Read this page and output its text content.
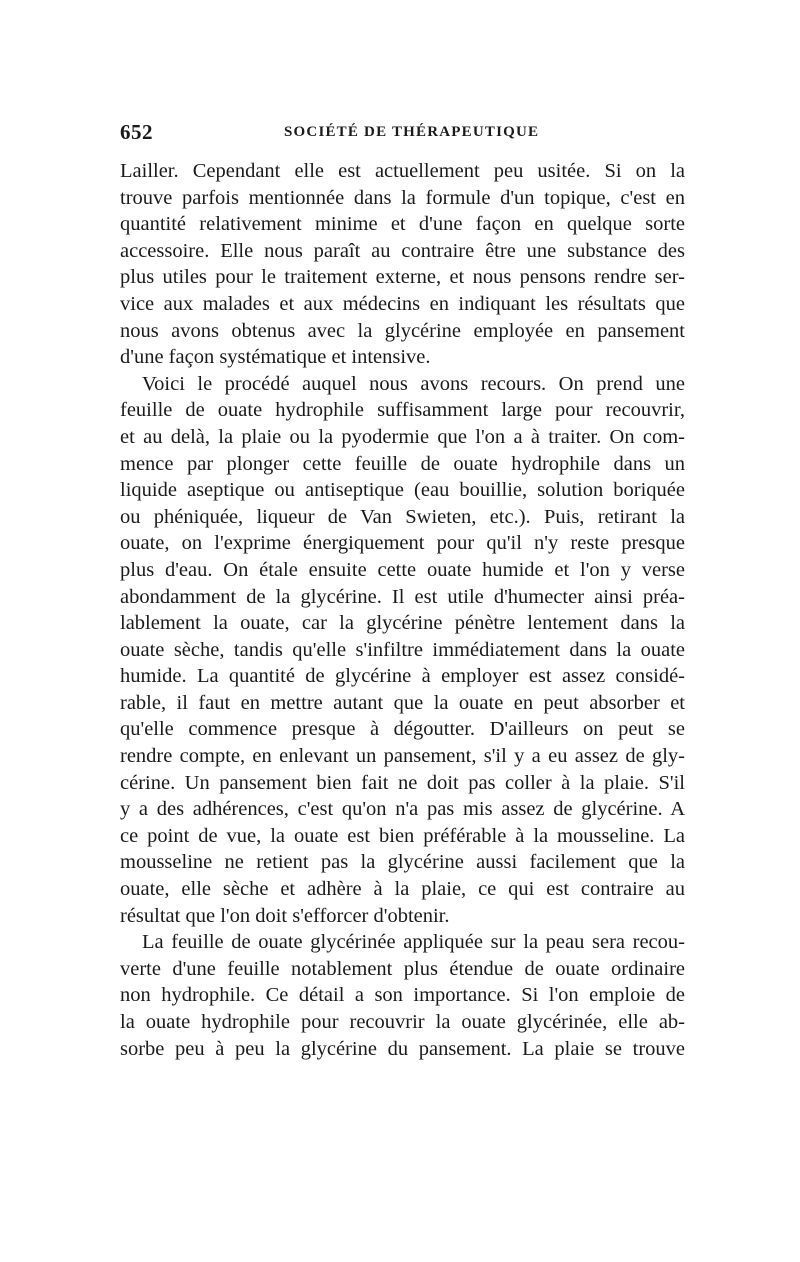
652	SOCIÉTÉ DE THÉRAPEUTIQUE
Lailler. Cependant elle est actuellement peu usitée. Si on la
trouve parfois mentionnée dans la formule d'un topique, c'est en
quantité relativement minime et d'une façon en quelque sorte
accessoire. Elle nous paraît au contraire être une substance des
plus utiles pour le traitement externe, et nous pensons rendre ser-
vice aux malades et aux médecins en indiquant les résultats que
nous avons obtenus avec la glycérine employée en pansement
d'une façon systématique et intensive.
Voici le procédé auquel nous avons recours. On prend une
feuille de ouate hydrophile suffisamment large pour recouvrir,
et au delà, la plaie ou la pyodermie que l'on a à traiter. On com-
mence par plonger cette feuille de ouate hydrophile dans un
liquide aseptique ou antiseptique (eau bouillie, solution boriquée
ou phéniquée, liqueur de Van Swieten, etc.). Puis, retirant la
ouate, on l'exprime énergiquement pour qu'il n'y reste presque
plus d'eau. On étale ensuite cette ouate humide et l'on y verse
abondamment de la glycérine. Il est utile d'humecter ainsi préa-
lablement la ouate, car la glycérine pénètre lentement dans la
ouate sèche, tandis qu'elle s'infiltre immédiatement dans la ouate
humide. La quantité de glycérine à employer est assez considé-
rable, il faut en mettre autant que la ouate en peut absorber et
qu'elle commence presque à dégoutter. D'ailleurs on peut se
rendre compte, en enlevant un pansement, s'il y a eu assez de gly-
cérine. Un pansement bien fait ne doit pas coller à la plaie. S'il
y a des adhérences, c'est qu'on n'a pas mis assez de glycérine. A
ce point de vue, la ouate est bien préférable à la mousseline. La
mousseline ne retient pas la glycérine aussi facilement que la
ouate, elle sèche et adhère à la plaie, ce qui est contraire au
résultat que l'on doit s'efforcer d'obtenir.
La feuille de ouate glycérinée appliquée sur la peau sera recou-
verte d'une feuille notablement plus étendue de ouate ordinaire
non hydrophile. Ce détail a son importance. Si l'on emploie de
la ouate hydrophile pour recouvrir la ouate glycérinée, elle ab-
sorbe peu à peu la glycérine du pansement. La plaie se trouve
